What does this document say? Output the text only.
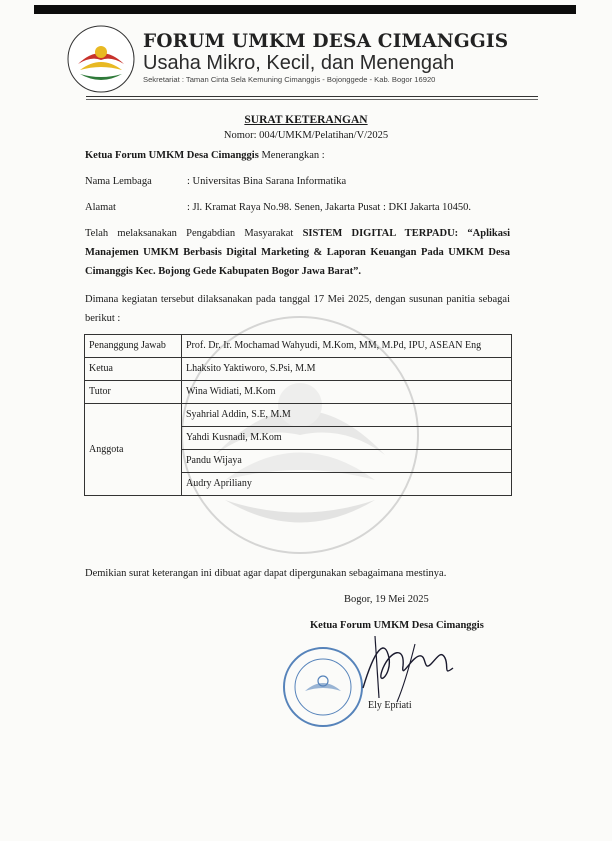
FORUM UMKM DESA CIMANGGIS
Usaha Mikro, Kecil, dan Menengah
Sekretariat : Taman Cinta Sela Kemuning Cimanggis - Bojonggede - Kab. Bogor 16920
SURAT KETERANGAN
Nomor: 004/UMKM/Pelatihan/V/2025
Ketua Forum UMKM Desa Cimanggis Menerangkan :
Nama Lembaga	: Universitas Bina Sarana Informatika
Alamat	: Jl. Kramat Raya No.98. Senen, Jakarta Pusat : DKI Jakarta 10450.
Telah melaksanakan Pengabdian Masyarakat SISTEM DIGITAL TERPADU: “Aplikasi Manajemen UMKM Berbasis Digital Marketing & Laporan Keuangan Pada UMKM Desa Cimanggis Kec. Bojong Gede Kabupaten Bogor Jawa Barat”.
Dimana kegiatan tersebut dilaksanakan pada tanggal 17 Mei 2025, dengan susunan panitia sebagai berikut :
Penanggung Jawab	Prof. Dr. Ir. Mochamad Wahyudi, M.Kom, MM, M.Pd, IPU, ASEAN Eng
Ketua	Lhaksito Yaktiworo, S.Psi, M.M
Tutor	Wina Widiati, M.Kom
Anggota	Syahrial Addin, S.E, M.M
	Yahdi Kusnadi, M.Kom
	Pandu Wijaya
	Audry Apriliany
Demikian surat keterangan ini dibuat agar dapat dipergunakan sebagaimana mestinya.
Bogor, 19 Mei 2025
Ketua Forum UMKM Desa Cimanggis
Ely Epriati
